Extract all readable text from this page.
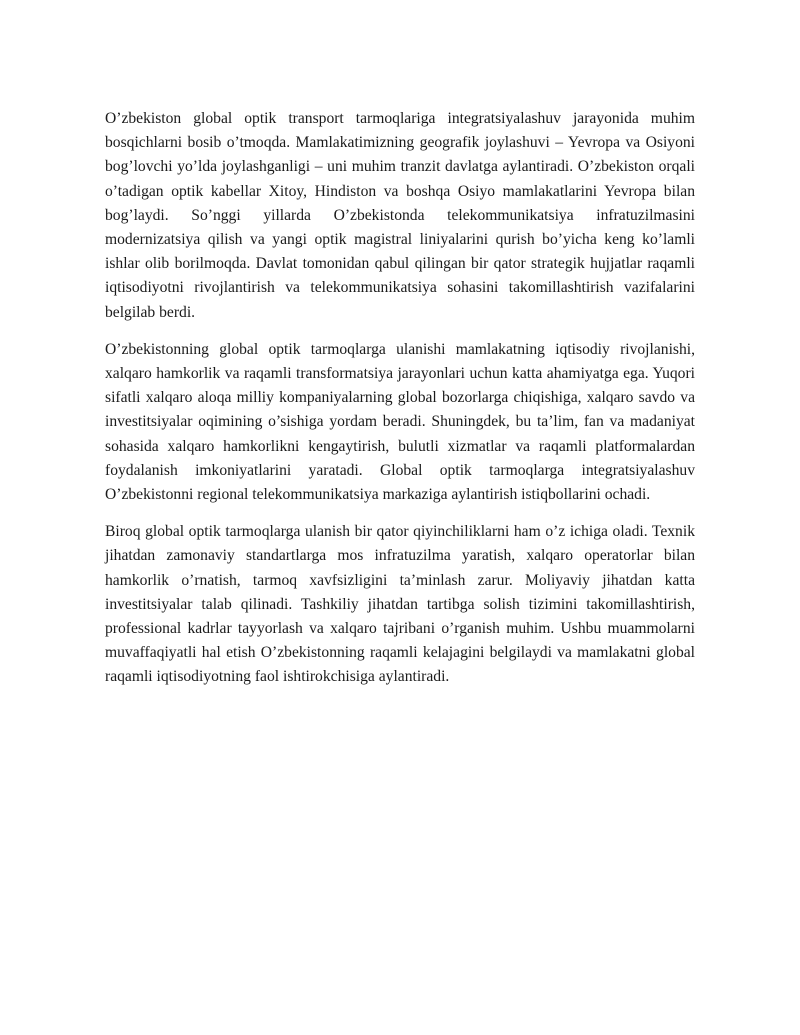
O’zbekiston global optik transport tarmoqlariga integratsiyalashuv jarayonida muhim bosqichlarni bosib o’tmoqda. Mamlakatimizning geografik joylashuvi – Yevropa va Osiyoni bog’lovchi yo’lda joylashganligi – uni muhim tranzit davlatga aylantiradi. O’zbekiston orqali o’tadigan optik kabellar Xitoy, Hindiston va boshqa Osiyo mamlakatlarini Yevropa bilan bog’laydi. So’nggi yillarda O’zbekistonda telekommunikatsiya infratuzilmasini modernizatsiya qilish va yangi optik magistral liniyalarini qurish bo’yicha keng ko’lamli ishlar olib borilmoqda. Davlat tomonidan qabul qilingan bir qator strategik hujjatlar raqamli iqtisodiyotni rivojlantirish va telekommunikatsiya sohasini takomillashtirish vazifalarini belgilab berdi.

O’zbekistonning global optik tarmoqlarga ulanishi mamlakatning iqtisodiy rivojlanishi, xalqaro hamkorlik va raqamli transformatsiya jarayonlari uchun katta ahamiyatga ega. Yuqori sifatli xalqaro aloqa milliy kompaniyalarning global bozorlarga chiqishiga, xalqaro savdo va investitsiyalar oqimining o’sishiga yordam beradi. Shuningdek, bu ta’lim, fan va madaniyat sohasida xalqaro hamkorlikni kengaytirish, bulutli xizmatlar va raqamli platformalardan foydalanish imkoniyatlarini yaratadi. Global optik tarmoqlarga integratsiyalashuv O’zbekistonni regional telekommunikatsiya markaziga aylantirish istiqbollarini ochadi.

Biroq global optik tarmoqlarga ulanish bir qator qiyinchiliklarni ham o’z ichiga oladi. Texnik jihatdan zamonaviy standartlarga mos infratuzilma yaratish, xalqaro operatorlar bilan hamkorlik o’rnatish, tarmoq xavfsizligini ta’minlash zarur. Moliyaviy jihatdan katta investitsiyalar talab qilinadi. Tashkiliy jihatdan tartibga solish tizimini takomillashtirish, professional kadrlar tayyorlash va xalqaro tajribani o’rganish muhim. Ushbu muammolarni muvaffaqiyatli hal etish O’zbekistonning raqamli kelajagini belgilaydi va mamlakatni global raqamli iqtisodiyotning faol ishtirokchisiga aylantiradi.
